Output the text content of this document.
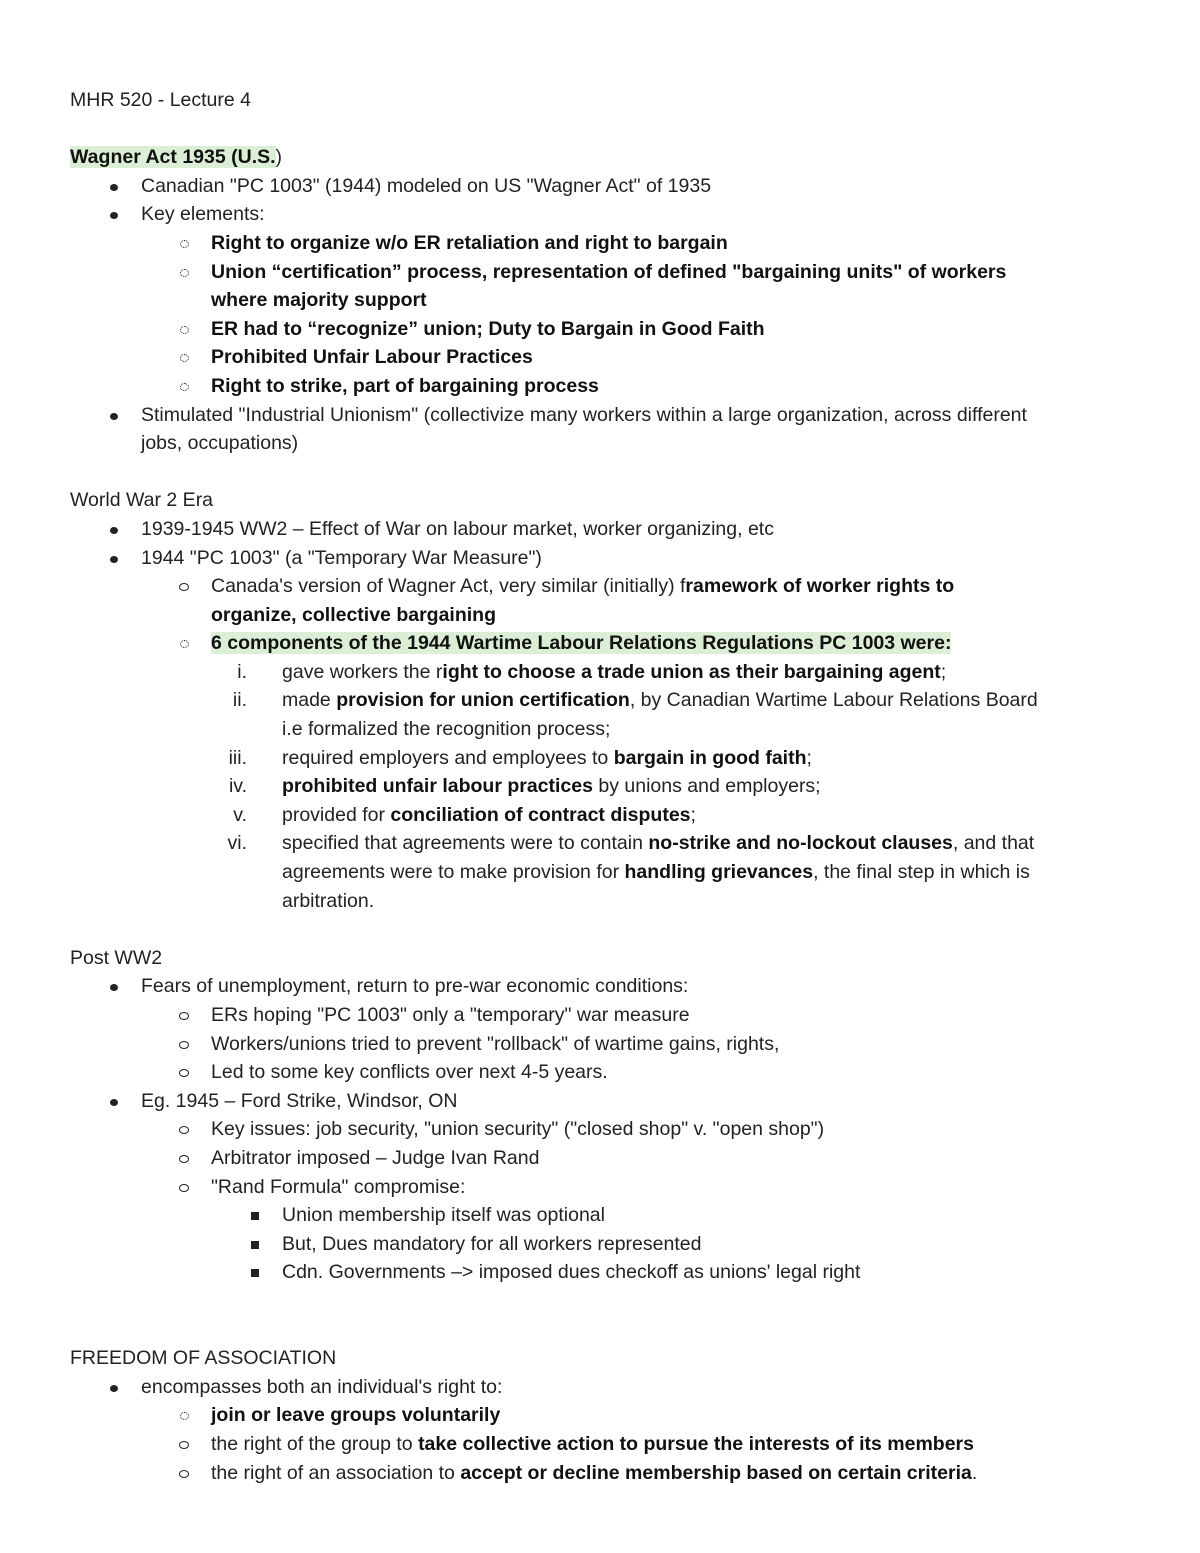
MHR 520 - Lecture 4
Wagner Act 1935 (U.S.)
Canadian "PC 1003" (1944) modeled on US "Wagner Act" of 1935
Key elements:
Right to organize w/o ER retaliation and right to bargain
Union “certification” process, representation of defined "bargaining units" of workers
where majority support
ER had to “recognize” union; Duty to Bargain in Good Faith
Prohibited Unfair Labour Practices
Right to strike, part of bargaining process
Stimulated "Industrial Unionism" (collectivize many workers within a large organization, across different
jobs, occupations)
World War 2 Era
1939-1945 WW2 – Effect of War on labour market, worker organizing, etc
1944 "PC 1003" (a "Temporary War Measure")
Canada's version of Wagner Act, very similar (initially) framework of worker rights to
organize, collective bargaining
6 components of the 1944 Wartime Labour Relations Regulations PC 1003 were:
i. gave workers the right to choose a trade union as their bargaining agent;
ii. made provision for union certification, by Canadian Wartime Labour Relations Board
i.e formalized the recognition process;
iii. required employers and employees to bargain in good faith;
iv. prohibited unfair labour practices by unions and employers;
v. provided for conciliation of contract disputes;
vi. specified that agreements were to contain no-strike and no-lockout clauses, and that
agreements were to make provision for handling grievances, the final step in which is
arbitration.
Post WW2
Fears of unemployment, return to pre-war economic conditions:
ERs hoping "PC 1003" only a "temporary" war measure
Workers/unions tried to prevent "rollback" of wartime gains, rights,
Led to some key conflicts over next 4-5 years.
Eg. 1945 – Ford Strike, Windsor, ON
Key issues: job security, "union security" ("closed shop" v. "open shop")
Arbitrator imposed – Judge Ivan Rand
"Rand Formula" compromise:
Union membership itself was optional
But, Dues mandatory for all workers represented
Cdn. Governments –> imposed dues checkoff as unions' legal right
FREEDOM OF ASSOCIATION
encompasses both an individual's right to:
join or leave groups voluntarily
the right of the group to take collective action to pursue the interests of its members
the right of an association to accept or decline membership based on certain criteria.
